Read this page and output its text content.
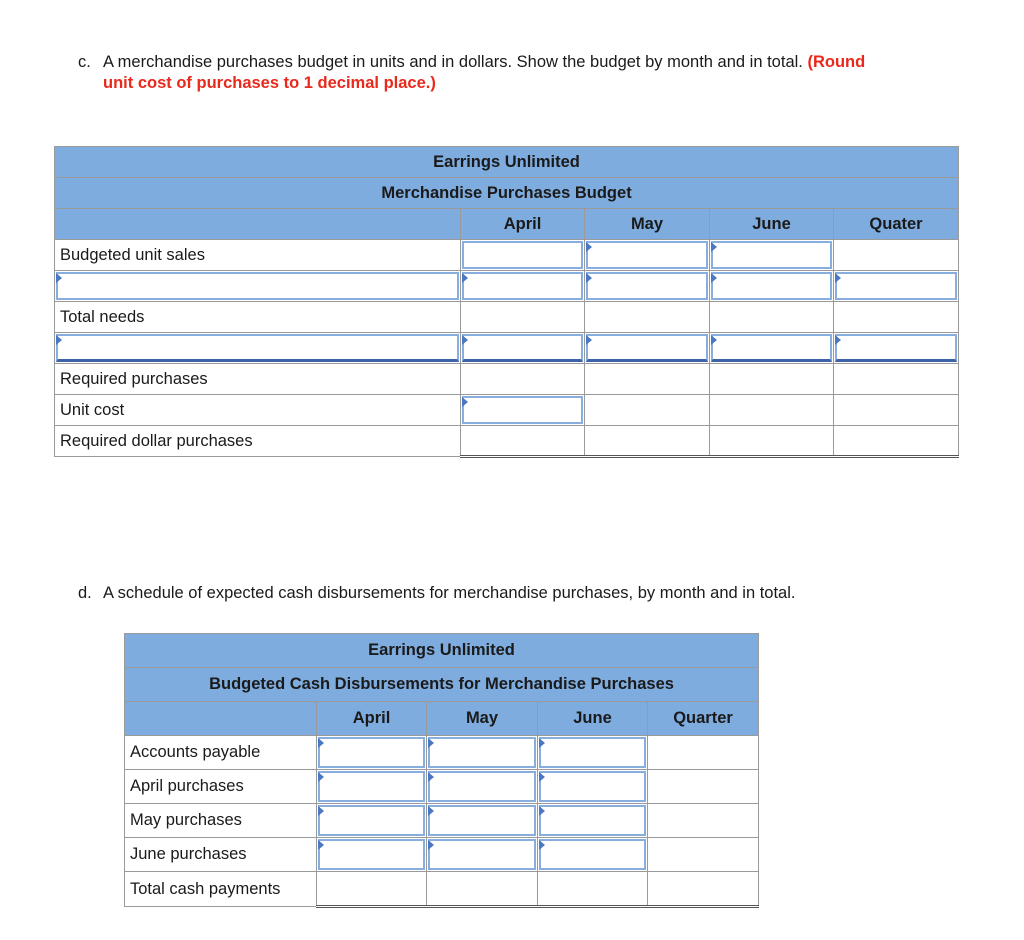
c. A merchandise purchases budget in units and in dollars. Show the budget by month and in total. (Round
unit cost of purchases to 1 decimal place.)
Earrings Unlimited				
Merchandise Purchases Budget				
	April	May	June	Quater
Budgeted unit sales	

Total needs				

Required purchases				
Unit cost	

Required dollar purchases				
d. A schedule of expected cash disbursements for merchandise purchases, by month and in total.
Earrings Unlimited				
Budgeted Cash Disbursements for Merchandise Purchases				
	April	May	June	Quarter
Accounts payable	

April purchases	

May purchases	

June purchases	

Total cash payments				
